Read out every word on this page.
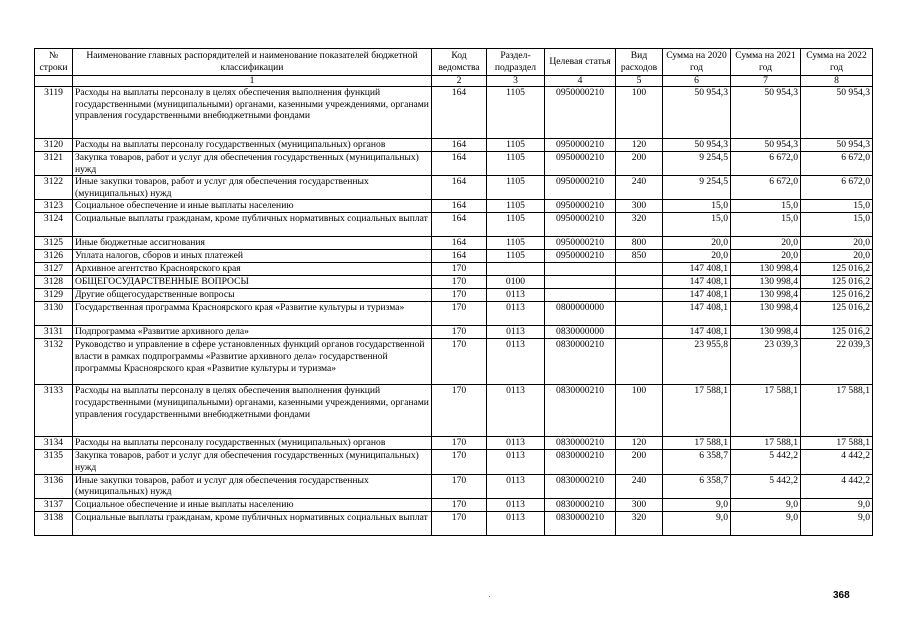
№
строки	Наименование главных распорядителей и наименование показателей бюджетной классификации	Код ведомства	Раздел-подраздел	Целевая статья	Вид расходов	Сумма на 2020 год	Сумма на 2021 год	Сумма на 2022 год
	1	2	3	4	5	6	7	8
3119	Расходы на выплаты персоналу в целях обеспечения выполнения функций государственными (муниципальными) органами, казенными учреждениями, органами управления государственными внебюджетными фондами	164	1105	0950000210	100	50 954,3	50 954,3	50 954,3
3120	Расходы на выплаты персоналу государственных (муниципальных) органов	164	1105	0950000210	120	50 954,3	50 954,3	50 954,3
3121	Закупка товаров, работ и услуг для обеспечения государственных (муниципальных) нужд	164	1105	0950000210	200	9 254,5	6 672,0	6 672,0
3122	Иные закупки товаров, работ и услуг для обеспечения государственных (муниципальных) нужд	164	1105	0950000210	240	9 254,5	6 672,0	6 672,0
3123	Социальное обеспечение и иные выплаты населению	164	1105	0950000210	300	15,0	15,0	15,0
3124	Социальные выплаты гражданам, кроме публичных нормативных социальных выплат	164	1105	0950000210	320	15,0	15,0	15,0
3125	Иные бюджетные ассигнования	164	1105	0950000210	800	20,0	20,0	20,0
3126	Уплата налогов, сборов и иных платежей	164	1105	0950000210	850	20,0	20,0	20,0
3127	Архивное агентство Красноярского края	170				147 408,1	130 998,4	125 016,2
3128	ОБЩЕГОСУДАРСТВЕННЫЕ ВОПРОСЫ	170	0100			147 408,1	130 998,4	125 016,2
3129	Другие общегосударственные вопросы	170	0113			147 408,1	130 998,4	125 016,2
3130	Государственная программа Красноярского края «Развитие культуры и туризма»	170	0113	0800000000		147 408,1	130 998,4	125 016,2
3131	Подпрограмма «Развитие архивного дела»	170	0113	0830000000		147 408,1	130 998,4	125 016,2
3132	Руководство и управление в сфере установленных функций органов государственной власти в рамках подпрограммы «Развитие архивного дела» государственной программы Красноярского края «Развитие культуры и туризма»	170	0113	0830000210		23 955,8	23 039,3	22 039,3
3133	Расходы на выплаты персоналу в целях обеспечения выполнения функций государственными (муниципальными) органами, казенными учреждениями, органами управления государственными внебюджетными фондами	170	0113	0830000210	100	17 588,1	17 588,1	17 588,1
3134	Расходы на выплаты персоналу государственных (муниципальных) органов	170	0113	0830000210	120	17 588,1	17 588,1	17 588,1
3135	Закупка товаров, работ и услуг для обеспечения государственных (муниципальных) нужд	170	0113	0830000210	200	6 358,7	5 442,2	4 442,2
3136	Иные закупки товаров, работ и услуг для обеспечения государственных (муниципальных) нужд	170	0113	0830000210	240	6 358,7	5 442,2	4 442,2
3137	Социальное обеспечение и иные выплаты населению	170	0113	0830000210	300	9,0	9,0	9,0
3138	Социальные выплаты гражданам, кроме публичных нормативных социальных выплат	170	0113	0830000210	320	9,0	9,0	9,0
368
